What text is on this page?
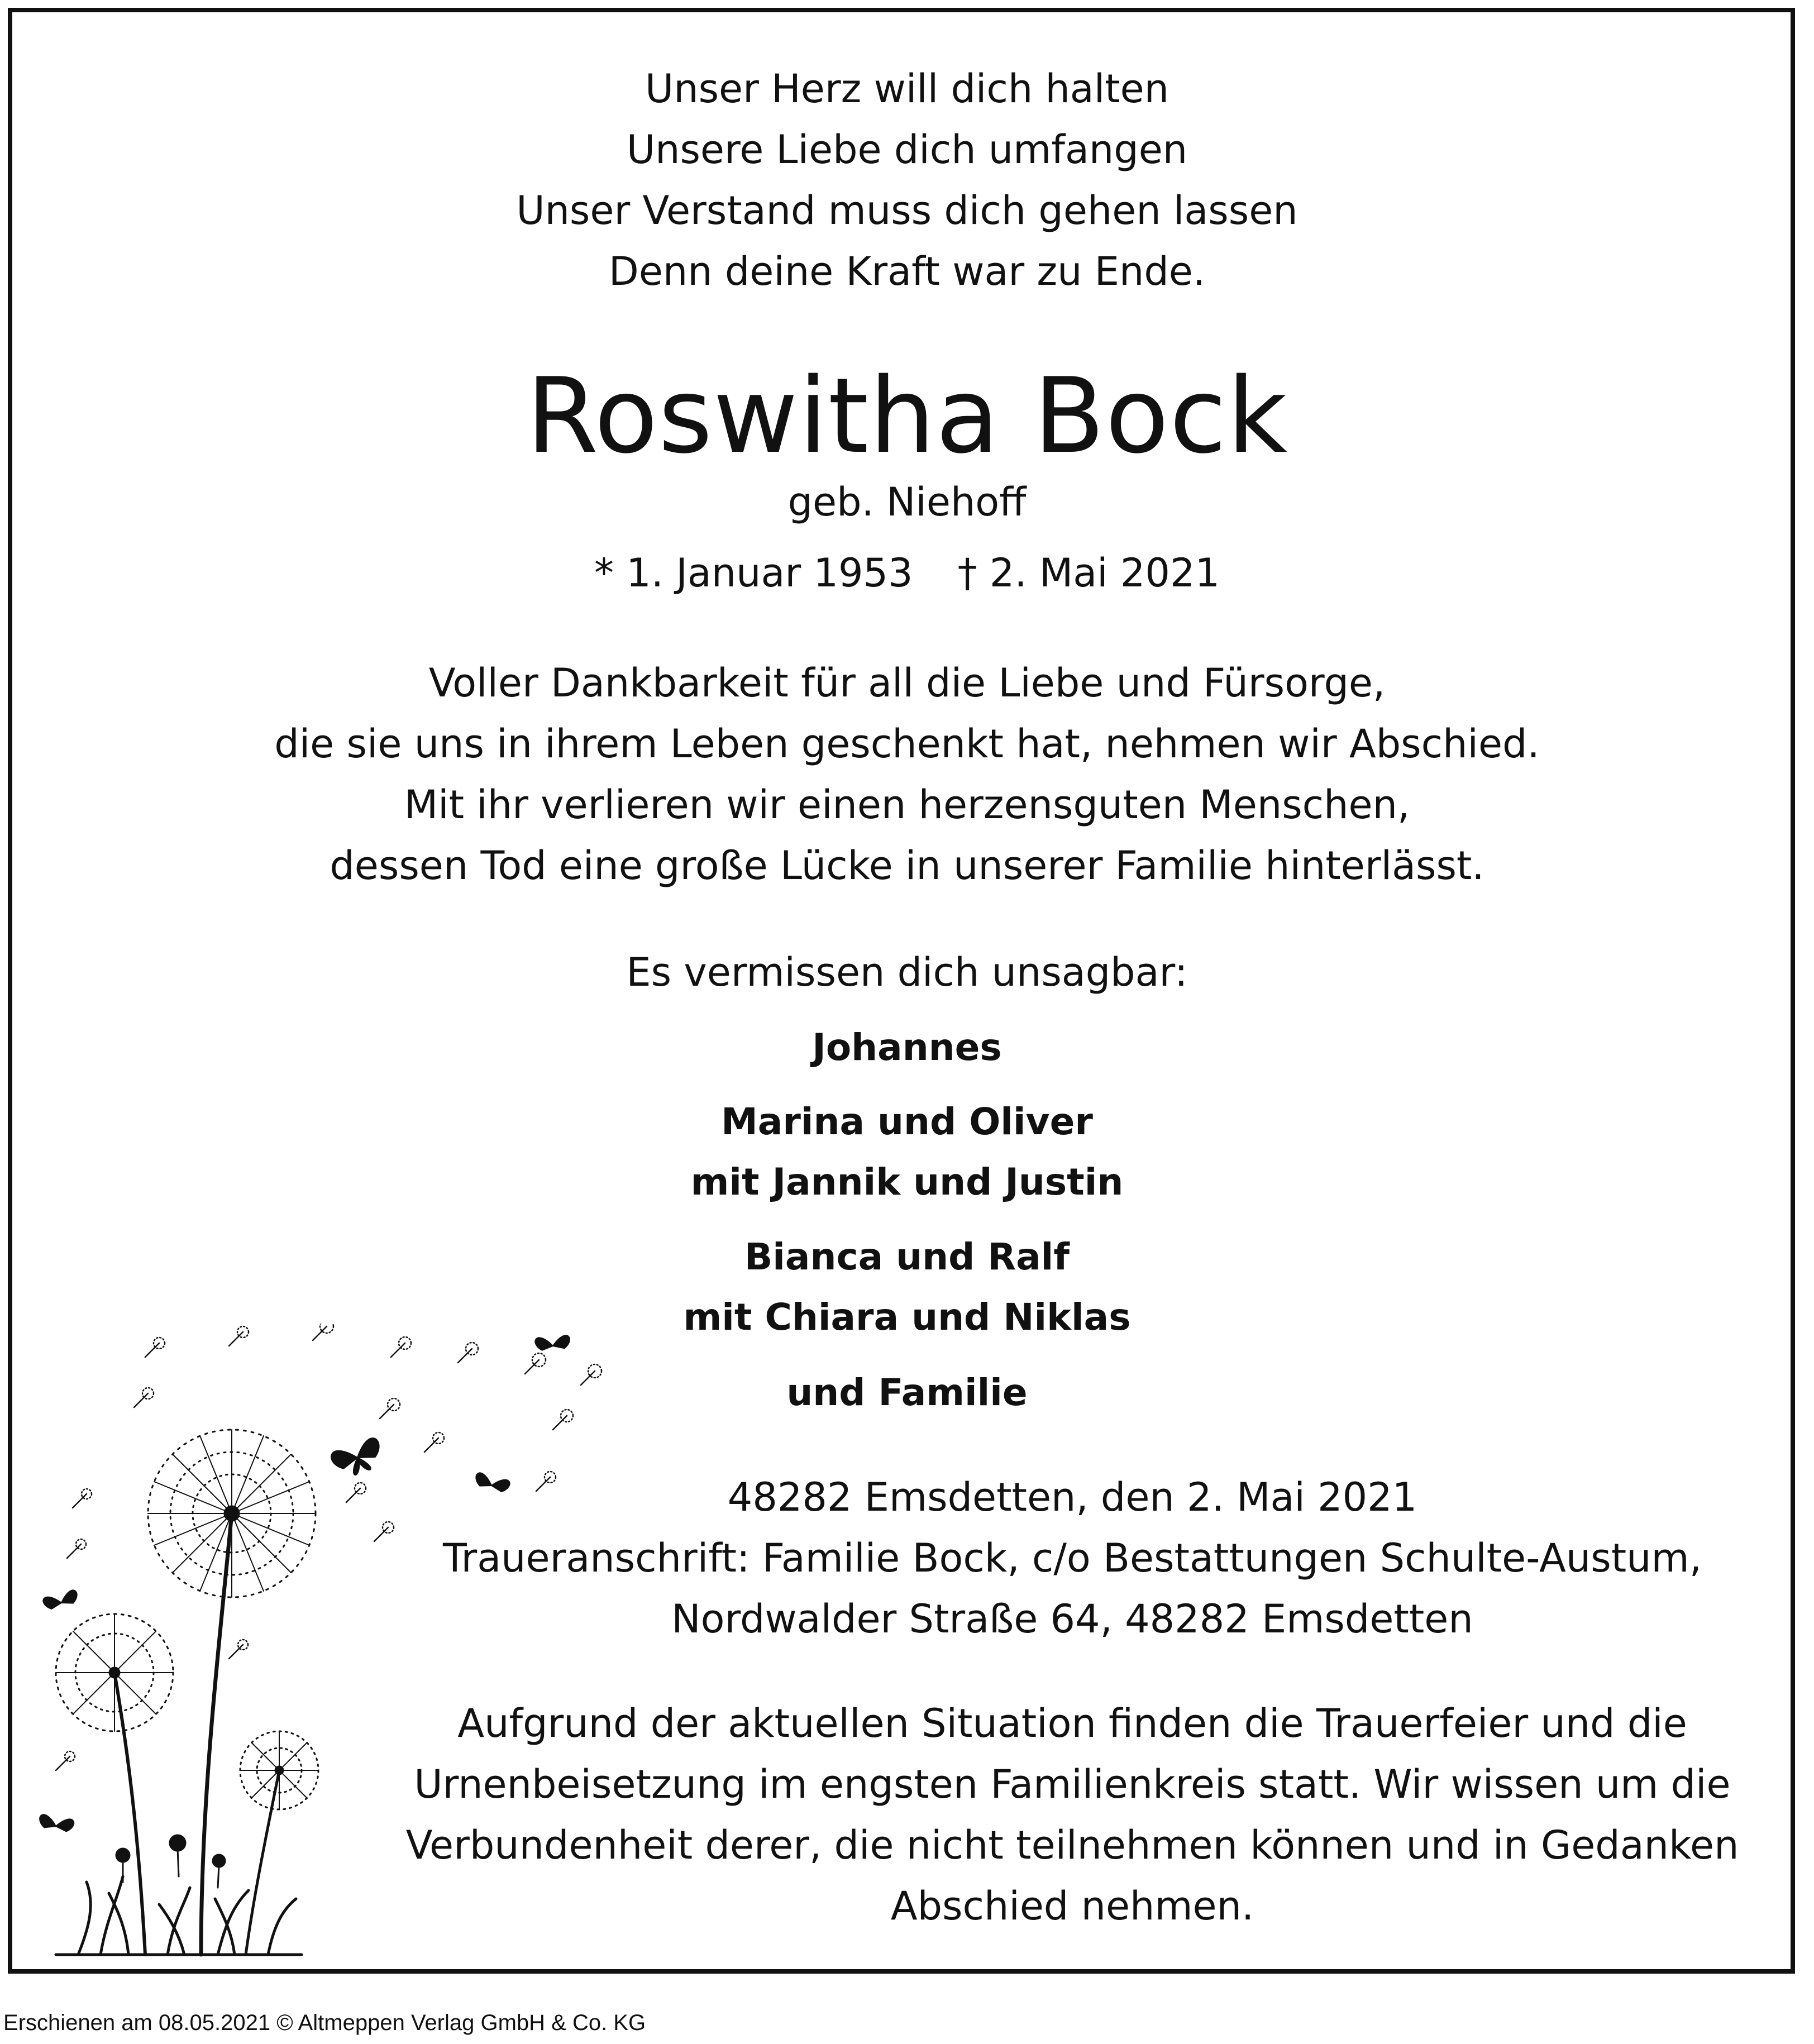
Unser Herz will dich halten
Unsere Liebe dich umfangen
Unser Verstand muss dich gehen lassen
Denn deine Kraft war zu Ende.
Roswitha Bock
geb. Niehoff
* 1. Januar 1953 † 2. Mai 2021
Voller Dankbarkeit für all die Liebe und Fürsorge,
die sie uns in ihrem Leben geschenkt hat, nehmen wir Abschied.
Mit ihr verlieren wir einen herzensguten Menschen,
dessen Tod eine große Lücke in unserer Familie hinterlässt.
Es vermissen dich unsagbar:
Johannes
Marina und Oliver
mit Jannik und Justin
Bianca und Ralf
mit Chiara und Niklas
und Familie
48282 Emsdetten, den 2. Mai 2021
Traueranschrift: Familie Bock, c/o Bestattungen Schulte-Austum,
Nordwalder Straße 64, 48282 Emsdetten
Aufgrund der aktuellen Situation finden die Trauerfeier und die
Urnenbeisetzung im engsten Familienkreis statt. Wir wissen um die
Verbundenheit derer, die nicht teilnehmen können und in Gedanken
Abschied nehmen.
Erschienen am 08.05.2021 © Altmeppen Verlag GmbH & Co. KG
